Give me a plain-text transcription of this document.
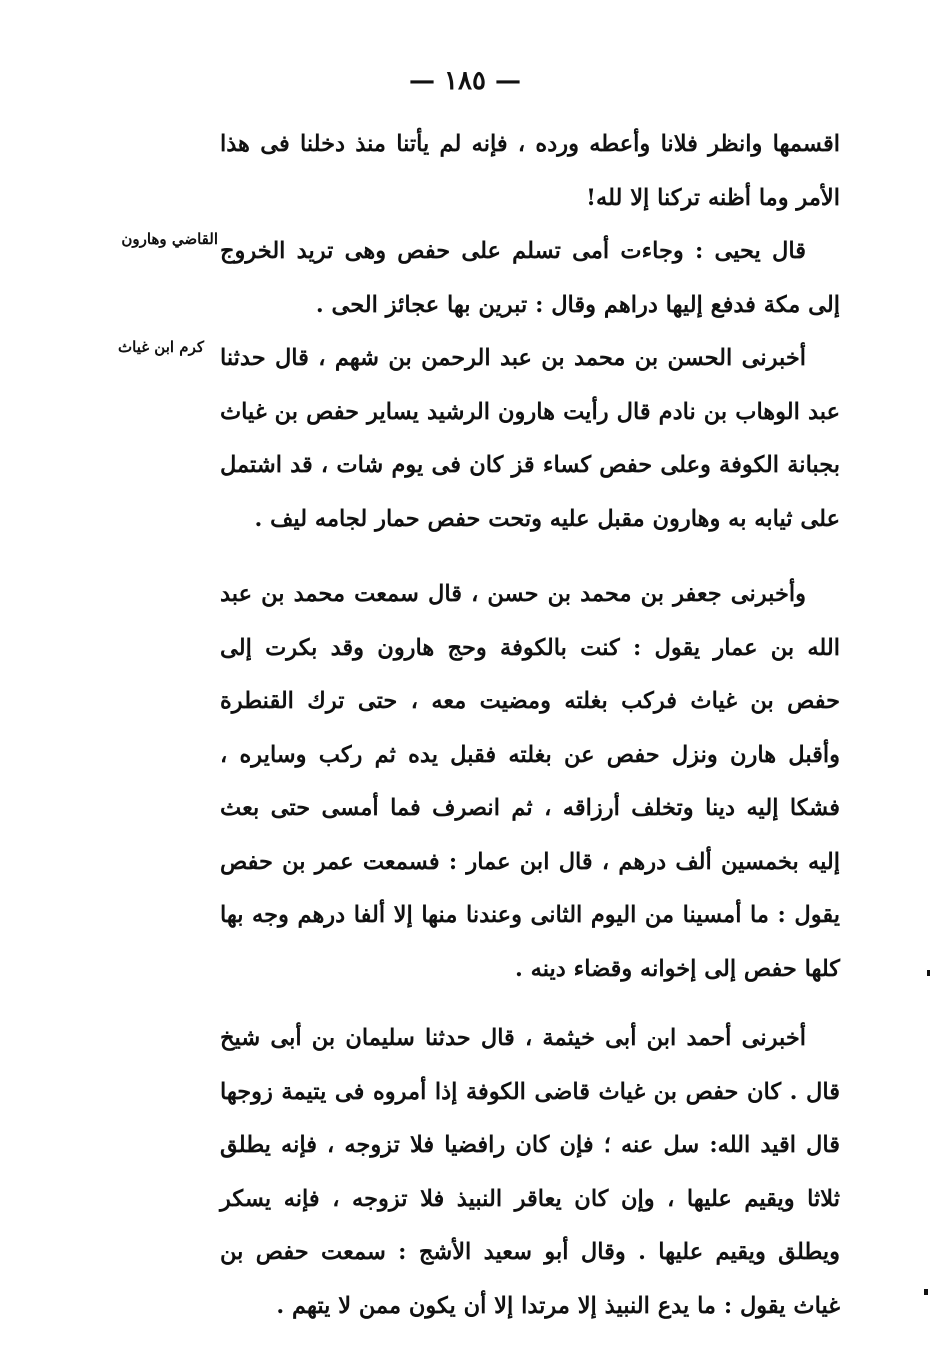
— ١٨٥ —
القاضي وهارون
كرم ابن غياث

اقسمها وانظر فلانا وأعطه ورده ، فإنه لم يأتنا منذ دخلنا فى هذا الأمر وما أظنه تركنا إلا لله!

قال يحيى : وجاءت أمى تسلم على حفص وهى تريد الخروج إلى مكة فدفع إليها دراهم وقال : تبرين بها عجائز الحى .

أخبرنى الحسن بن محمد بن عبد الرحمن بن شهم ، قال حدثنا عبد الوهاب بن نادم قال رأيت هارون الرشيد يساير حفص بن غياث بجبانة الكوفة وعلى حفص كساء قز كان فى يوم شات ، قد اشتمل على ثيابه به وهارون مقبل عليه وتحت حفص حمار لجامه ليف .

وأخبرنى جعفر بن محمد بن حسن ، قال سمعت محمد بن عبد الله بن عمار يقول : كنت بالكوفة وحج هارون وقد بكرت إلى حفص بن غياث فركب بغلته ومضيت معه ، حتى ترك القنطرة وأقبل هارن ونزل حفص عن بغلته فقبل يده ثم ركب وسايره ، فشكا إليه دينا وتخلف أرزاقه ، ثم انصرف فما أمسى حتى بعث إليه بخمسين ألف درهم ، قال ابن عمار : فسمعت عمر بن حفص يقول : ما أمسينا من اليوم الثانى وعندنا منها إلا ألفا درهم وجه بها كلها حفص إلى إخوانه وقضاء دينه .

أخبرنى أحمد ابن أبى خيثمة ، قال حدثنا سليمان بن أبى شيخ قال . كان حفص بن غياث قاضى الكوفة إذا أمروه فى يتيمة زوجها قال اقيد الله: سل عنه ؛ فإن كان رافضيا فلا تزوجه ، فإنه يطلق ثلاثا ويقيم عليها ، وإن كان يعاقر النبيذ فلا تزوجه ، فإنه يسكر ويطلق ويقيم عليها . وقال أبو سعيد الأشج : سمعت حفص بن غياث يقول : ما يدع النبيذ إلا مرتدا إلا أن يكون ممن لا يتهم .
